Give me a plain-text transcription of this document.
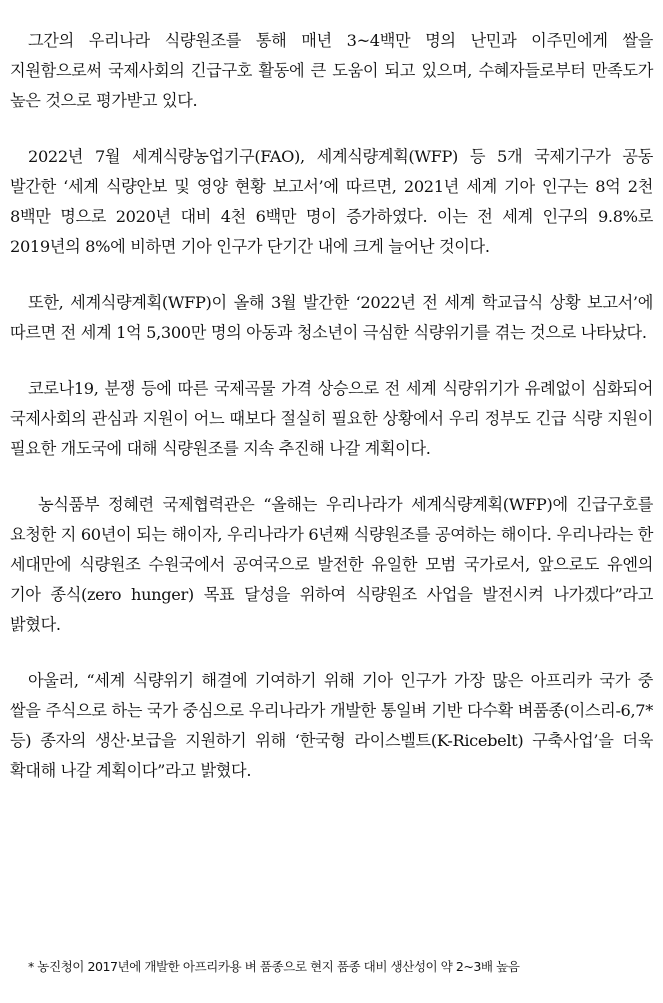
그간의 우리나라 식량원조를 통해 매년 3~4백만 명의 난민과 이주민에게 쌀을 지원함으로써 국제사회의 긴급구호 활동에 큰 도움이 되고 있으며, 수혜자들로부터 만족도가 높은 것으로 평가받고 있다.

2022년 7월 세계식량농업기구(FAO), 세계식량계획(WFP) 등 5개 국제기구가 공동 발간한 ‘세계 식량안보 및 영양 현황 보고서’에 따르면, 2021년 세계 기아 인구는 8억 2천 8백만 명으로 2020년 대비 4천 6백만 명이 증가하였다. 이는 전 세계 인구의 9.8%로 2019년의 8%에 비하면 기아 인구가 단기간 내에 크게 늘어난 것이다.

또한, 세계식량계획(WFP)이 올해 3월 발간한 ‘2022년 전 세계 학교급식 상황 보고서’에 따르면 전 세계 1억 5,300만 명의 아동과 청소년이 극심한 식량위기를 겪는 것으로 나타났다.

코로나19, 분쟁 등에 따른 국제곡물 가격 상승으로 전 세계 식량위기가 유례없이 심화되어 국제사회의 관심과 지원이 어느 때보다 절실히 필요한 상황에서 우리 정부도 긴급 식량 지원이 필요한 개도국에 대해 식량원조를 지속 추진해 나갈 계획이다.

농식품부 정혜련 국제협력관은 “올해는 우리나라가 세계식량계획(WFP)에 긴급구호를 요청한 지 60년이 되는 해이자, 우리나라가 6년째 식량원조를 공여하는 해이다. 우리나라는 한 세대만에 식량원조 수원국에서 공여국으로 발전한 유일한 모범 국가로서, 앞으로도 유엔의 기아 종식(zero hunger) 목표 달성을 위하여 식량원조 사업을 발전시켜 나가겠다”라고 밝혔다.

아울러, “세계 식량위기 해결에 기여하기 위해 기아 인구가 가장 많은 아프리카 국가 중 쌀을 주식으로 하는 국가 중심으로 우리나라가 개발한 통일벼 기반 다수확 벼품종(이스리-6,7* 등) 종자의 생산·보급을 지원하기 위해 ‘한국형 라이스벨트(K-Ricebelt) 구축사업’을 더욱 확대해 나갈 계획이다”라고 밝혔다.

* 농진청이 2017년에 개발한 아프리카용 벼 품종으로 현지 품종 대비 생산성이 약 2~3배 높음
